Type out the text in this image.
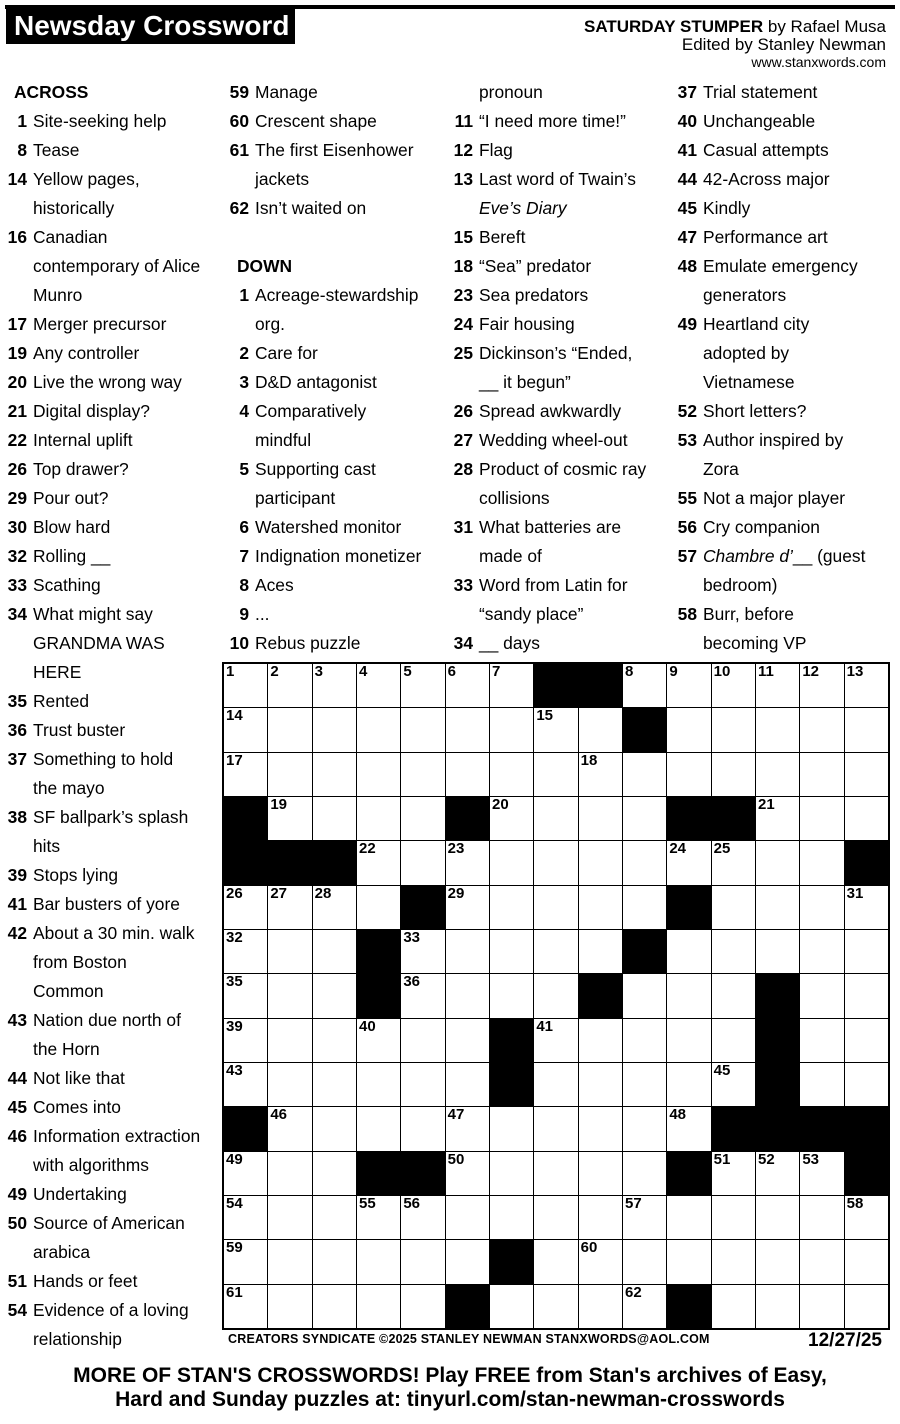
Newsday Crossword	SATURDAY STUMPER by Rafael Musa
Edited by Stanley Newman
www.stanxwords.com
ACROSS
1 Site-seeking help
8 Tease
14 Yellow pages,
historically
16 Canadian
contemporary of Alice
Munro
17 Merger precursor
19 Any controller
20 Live the wrong way
21 Digital display?
22 Internal uplift
26 Top drawer?
29 Pour out?
30 Blow hard
32 Rolling __
33 Scathing
34 What might say
GRANDMA WAS
HERE
35 Rented
36 Trust buster
37 Something to hold
the mayo
38 SF ballpark’s splash
hits
39 Stops lying
41 Bar busters of yore
42 About a 30 min. walk
from Boston
Common
43 Nation due north of
the Horn
44 Not like that
45 Comes into
46 Information extraction
with algorithms
49 Undertaking
50 Source of American
arabica
51 Hands or feet
54 Evidence of a loving
relationship
59 Manage
60 Crescent shape
61 The first Eisenhower
jackets
62 Isn’t waited on
DOWN
1 Acreage-stewardship
org.
2 Care for
3 D&D antagonist
4 Comparatively
mindful
5 Supporting cast
participant
6 Watershed monitor
7 Indignation monetizer
8 Aces
9 ...
10 Rebus puzzle
pronoun
11 “I need more time!”
12 Flag
13 Last word of Twain’s
Eve’s Diary
15 Bereft
18 “Sea” predator
23 Sea predators
24 Fair housing
25 Dickinson’s “Ended,
__ it begun”
26 Spread awkwardly
27 Wedding wheel-out
28 Product of cosmic ray
collisions
31 What batteries are
made of
33 Word from Latin for
“sandy place”
34 __ days
37 Trial statement
40 Unchangeable
41 Casual attempts
44 42-Across major
45 Kindly
47 Performance art
48 Emulate emergency
generators
49 Heartland city
adopted by
Vietnamese
52 Short letters?
53 Author inspired by
Zora
55 Not a major player
56 Cry companion
57 Chambre d’__ (guest
bedroom)
58 Burr, before
becoming VP
1 2 3 4 5 6 7	8 9 10 11 12 13
14	15	16
17	18
19	20	21
22	23	24 25
26 27 28	29	30	31
32	33	34
35	36	37	38
39	40	41	42
43	44	45
46	47	48
49	50	51 52 53
54	55 56	57	58
59	60
61	62
CREATORS SYNDICATE ©2025 STANLEY NEWMAN STANXWORDS@AOL.COM	12/27/25
MORE OF STAN'S CROSSWORDS! Play FREE from Stan's archives of Easy,
Hard and Sunday puzzles at: tinyurl.com/stan-newman-crosswords
